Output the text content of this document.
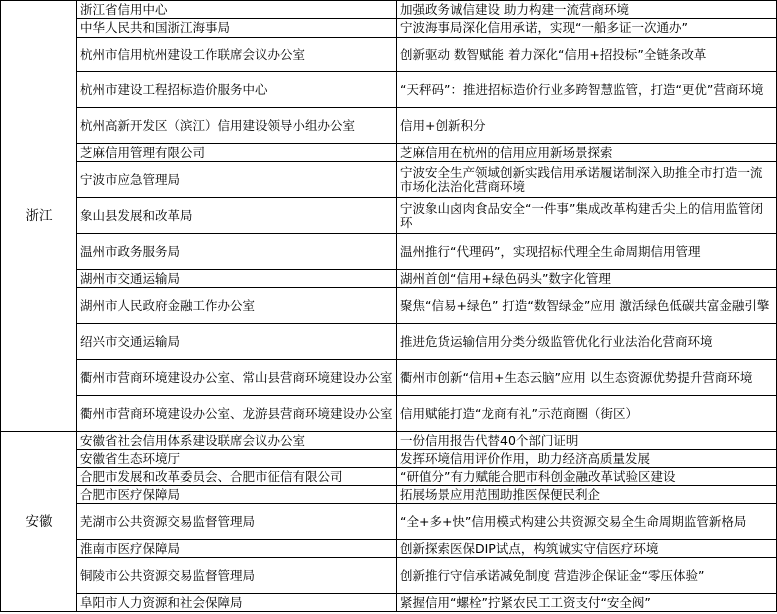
浙江	浙江省信用中心	加强政务诚信建设 助力构建一流营商环境
	中华人民共和国浙江海事局	宁波海事局深化信用承诺，实现“一船多证一次通办”
	杭州市信用杭州建设工作联席会议办公室	创新驱动 数智赋能 着力深化“信用+招投标”全链条改革
	杭州市建设工程招标造价服务中心	“天秤码”：推进招标造价行业多跨智慧监管，打造“更优”营商环境
	杭州高新开发区（滨江）信用建设领导小组办公室	信用+创新积分
	芝麻信用管理有限公司	芝麻信用在杭州的信用应用新场景探索
	宁波市应急管理局	宁波安全生产领域创新实践信用承诺履诺制深入助推全市打造一流市场化法治化营商环境
	象山县发展和改革局	宁波象山卤肉食品安全“一件事”集成改革构建舌尖上的信用监管闭环
	温州市政务服务局	温州推行“代理码”，实现招标代理全生命周期信用管理
	湖州市交通运输局	湖州首创“信用+绿色码头”数字化管理
	湖州市人民政府金融工作办公室	聚焦“信易+绿色” 打造“数智绿金”应用 激活绿色低碳共富金融引擎
	绍兴市交通运输局	推进危货运输信用分类分级监管优化行业法治化营商环境
	衢州市营商环境建设办公室、常山县营商环境建设办公室	衢州市创新“信用+生态云脑”应用 以生态资源优势提升营商环境
	衢州市营商环境建设办公室、龙游县营商环境建设办公室	信用赋能打造“龙商有礼”示范商圈（街区）
安徽	安徽省社会信用体系建设联席会议办公室	一份信用报告代替40个部门证明
	安徽省生态环境厅	发挥环境信用评价作用，助力经济高质量发展
	合肥市发展和改革委员会、合肥市征信有限公司	“研值分”有力赋能合肥市科创金融改革试验区建设
	合肥市医疗保障局	拓展场景应用范围助推医保便民利企
	芜湖市公共资源交易监督管理局	“全+多+快”信用模式构建公共资源交易全生命周期监管新格局
	淮南市医疗保障局	创新探索医保DIP试点，构筑诚实守信医疗环境
	铜陵市公共资源交易监督管理局	创新推行守信承诺减免制度 营造涉企保证金“零压体验”
	阜阳市人力资源和社会保障局	紧握信用“螺栓”拧紧农民工工资支付“安全阀”
